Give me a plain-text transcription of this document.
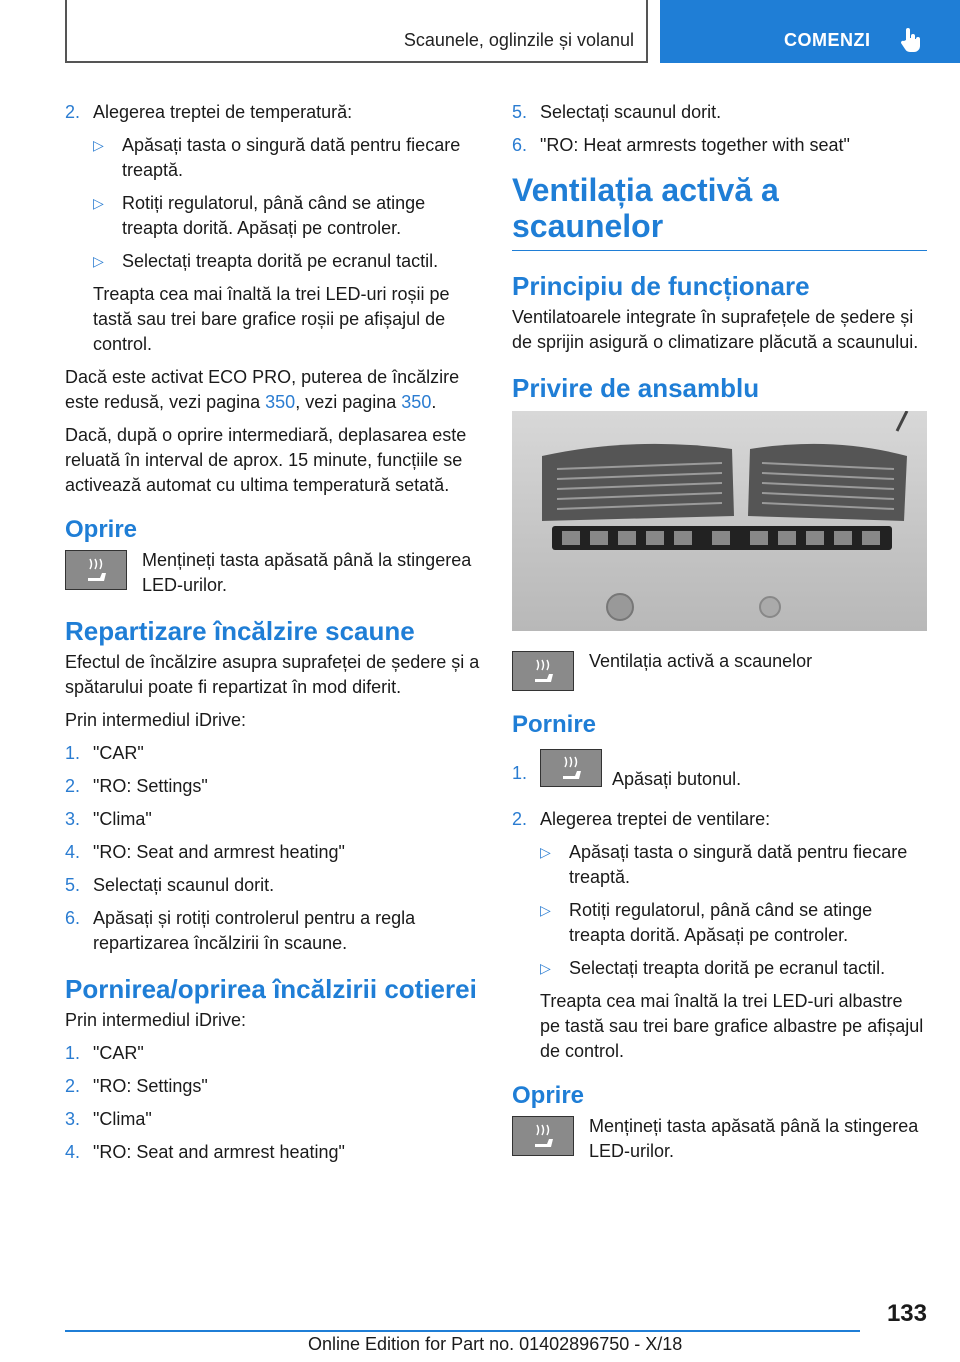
Scaunele, oglinzile și volanul	COMENZI
2. Alegerea treptei de temperatură:
▷ Apăsați tasta o singură dată pentru fiecare treaptă.
▷ Rotiți regulatorul, până când se atinge treapta dorită. Apăsați pe controler.
▷ Selectați treapta dorită pe ecranul tactil.

Treapta cea mai înaltă la trei LED-uri roșii pe tastă sau trei bare grafice roșii pe afișajul de control.

Dacă este activat ECO PRO, puterea de încălzire este redusă, vezi pagina 350, vezi pagina 350.

Dacă, după o oprire intermediară, deplasarea este reluată în interval de aprox. 15 minute, funcțiile se activează automat cu ultima temperatură setată.

Oprire
Mențineți tasta apăsată până la stingerea LED-urilor.
Repartizare încălzire scaune

Efectul de încălzire asupra suprafeței de ședere și a spătarului poate fi repartizat în mod diferit.

Prin intermediul iDrive:

1. "CAR"
2. "RO: Settings"
3. "Clima"
4. "RO: Seat and armrest heating"
5. Selectați scaunul dorit.
6. Apăsați și rotiți controlerul pentru a regla repartizarea încălzirii în scaune.
Pornirea/oprirea încălzirii cotierei

Prin intermediul iDrive:

1. "CAR"
2. "RO: Settings"
3. "Clima"
4. "RO: Seat and armrest heating"
5. Selectați scaunul dorit.
6. "RO: Heat armrests together with seat"
Ventilația activă a scaunelor
Principiu de funcționare

Ventilatoarele integrate în suprafețele de ședere și de sprijin asigură o climatizare plăcută a scaunului.

Privire de ansamblu
Ventilația activă a scaunelor
Pornire
1.	Apăsați butonul.
2. Alegerea treptei de ventilare:
▷ Apăsați tasta o singură dată pentru fiecare treaptă.
▷ Rotiți regulatorul, până când se atinge treapta dorită. Apăsați pe controler.
▷ Selectați treapta dorită pe ecranul tactil.

Treapta cea mai înaltă la trei LED-uri albastre pe tastă sau trei bare grafice albastre pe afișajul de control.

Oprire
Mențineți tasta apăsată până la stingerea LED-urilor.
133
Online Edition for Part no. 01402896750 - X/18
